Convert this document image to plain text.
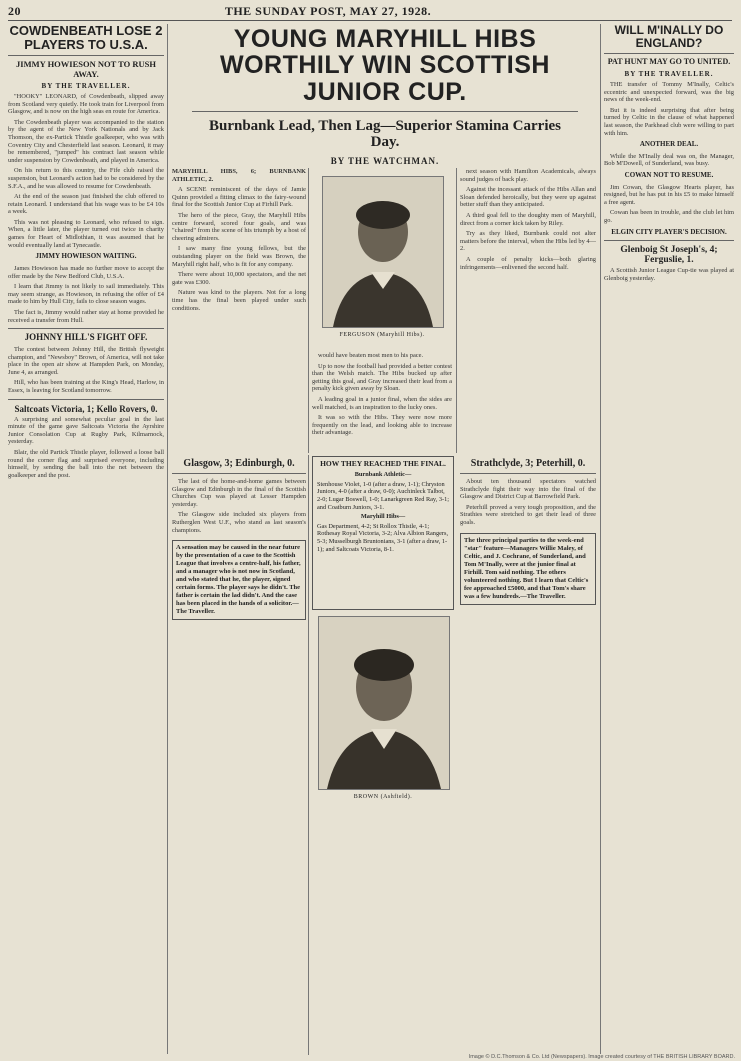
20	THE SUNDAY POST, MAY 27, 1928.
COWDENBEATH LOSE 2 PLAYERS TO U.S.A.
JIMMY HOWIESON NOT TO RUSH AWAY.
BY THE TRAVELLER.

"HOOKY" LEONARD, of Cowdenbeath, slipped away from Scotland very quietly. He took train for Liverpool from Glasgow, and is now on the high seas en route for America.

The Cowdenbeath player was accompanied to the station by the agent of the New York Nationals and by Jack Thomson, the ex-Partick Thistle goalkeeper, who was with Coventry City and Chesterfield last season. Leonard, it may be remembered, "jumped" his contract last season while under suspension by Cowdenbeath, and played in America.

On his return to this country, the Fife club raised the suspension, but Leonard's action had to be considered by the S.F.A., and he was allowed to resume for Cowdenbeath.

At the end of the season just finished the club offered to retain Leonard. I understand that his wage was to be £4 10s a week.

This was not pleasing to Leonard, who refused to sign. When, a little later, the player turned out twice in charity games for Heart of Midlothian, it was assumed that he would eventually land at Tynecastle.

JIMMY HOWIESON WAITING.

James Howieson has made no further move to accept the offer made by the New Bedford Club, U.S.A.

I learn that Jimmy is not likely to sail immediately. This may seem strange, as Howieson, in refusing the offer of £4 made to him by Hull City, fails to close season wages.

The fact is, Jimmy would rather stay at home provided he received a transfer from Hull.

JOHNNY HILL'S FIGHT OFF.

The contest between Johnny Hill, the British flyweight champion, and "Newsboy" Brown, of America, will not take place in the open air show at Hampden Park, on Monday, June 4, as arranged.

Hill, who has been training at the King's Head, Harlow, in Essex, is leaving for Scotland tomorrow.

Saltcoats Victoria, 1; Kello Rovers, 0.

A surprising and somewhat peculiar goal in the last minute of the game gave Saltcoats Victoria the Ayrshire Junior Consolation Cup at Rugby Park, Kilmarnock, yesterday.

Blair, the old Partick Thistle player, followed a loose ball round the corner flag and surprised everyone, including himself, by sending the ball into the net between the goalkeeper and the post.

YOUNG MARYHILL HIBS WORTHILY WIN SCOTTISH JUNIOR CUP.
Burnbank Lead, Then Lag—Superior Stamina Carries Day.
BY THE WATCHMAN.

MARYHILL HIBS, 6; BURNBANK ATHLETIC, 2.

A SCENE reminiscent of the days of Jamie Quinn provided a fitting climax to the fairy-wound final for the Scottish Junior Cup at Firhill Park.

The hero of the piece, Gray, the Maryhill Hibs centre forward, scored four goals, and was "chaired" from the scene of his triumph by a host of cheering admirers.

I saw many fine young fellows, but the outstanding player on the field was Brown, the Maryhill right half, who is fit for any company.

There were about 10,000 spectators, and the net gate was £300.

Nature was kind to the players. Not for a long time has the final been played under such conditions.

would have beaten most men to his pace.

Up to now the football had provided a better contest than the Welsh match. The Hibs bucked up after getting this goal, and Gray increased their lead from a penalty kick given away by Sloan.

A leading goal in a junior final, when the sides are well matched, is an inspiration to the lucky ones.

It was so with the Hibs. They were now more frequently on the lead, and looking able to increase their advantage.

FERGUSON (Maryhill Hibs).

next season with Hamilton Academicals, always sound judges of back play.

Against the incessant attack of the Hibs Allan and Sloan defended heroically, but they were up against better stuff than they anticipated.

A third goal fell to the doughty men of Maryhill, direct from a corner kick taken by Riley.

Try as they liked, Burnbank could not alter matters before the interval, when the Hibs led by 4—2.

A couple of penalty kicks—both glaring infringements—enlivened the second half.

HOW THEY REACHED THE FINAL.

Burnbank Athletic—

Stenhouse Violet, 1-0 (after a draw, 1-1); Chryston Juniors, 4-0 (after a draw, 0-0); Auchinleck Talbot, 2-0; Lugar Boswell, 1-0; Lanarkgreen Red Ray, 3-1; and Coatburn Juniors, 3-1.

Maryhill Hibs—

Gas Department, 4-2; St Rollox Thistle, 4-1; Rothesay Royal Victoria, 3-2; Alva Albion Rangers, 5-3; Musselburgh Bruntonians, 3-1 (after a draw, 1-1); and Saltcoats Victoria, 8-1.

Glasgow, 3; Edinburgh, 0.

The last of the home-and-home games between Glasgow and Edinburgh in the final of the Scottish Churches Cup was played at Lesser Hampden yesterday.

The Glasgow side included six players from Rutherglen West U.F., who stand as last season's champions.

A sensation may be caused in the near future by the presentation of a case to the Scottish League that involves a centre-half, his father, and a manager who is not now in Scotland, and who stated that he, the player, signed certain forms. The player says he didn't. The father is certain the lad didn't. And the case has been placed in the hands of a solicitor.—The Traveller.
BROWN (Ashfield).
Strathclyde, 3; Peterhill, 0.

About ten thousand spectators watched Strathclyde fight their way into the final of the Glasgow and District Cup at Barrowfield Park.

Peterhill proved a very tough proposition, and the Strathies were stretched to get their lead of three goals.

The three principal parties to the week-end "star" feature—Managers Willie Maley, of Celtic, and J. Cochrane, of Sunderland, and Tom M'Inally, were at the junior final at Firhill. Tom said nothing. The others volunteered nothing. But I learn that Celtic's fee approached £5000, and that Tom's share was a few hundreds.—The Traveller.
WILL M'INALLY DO ENGLAND?
PAT HUNT MAY GO TO UNITED.
BY THE TRAVELLER.

THE transfer of Tommy M'Inally, Celtic's eccentric and unexpected forward, was the big news of the week-end.

But it is indeed surprising that after being turned by Celtic in the clause of what happened last season, the Parkhead club were willing to part with him.

ANOTHER DEAL.

While the M'Inally deal was on, the Manager, Bob M'Dowell, of Sunderland, was busy.

COWAN NOT TO RESUME.

Jim Cowan, the Glasgow Hearts player, has resigned, but he has put in his £5 to make himself a free agent.

Cowan has been in trouble, and the club let him go.

ELGIN CITY PLAYER'S DECISION.
Glenboig St Joseph's, 4; Ferguslie, 1.

A Scottish Junior League Cup-tie was played at Glenboig yesterday.

Image © D.C.Thomson & Co. Ltd (Newspapers). Image created courtesy of THE BRITISH LIBRARY BOARD.
